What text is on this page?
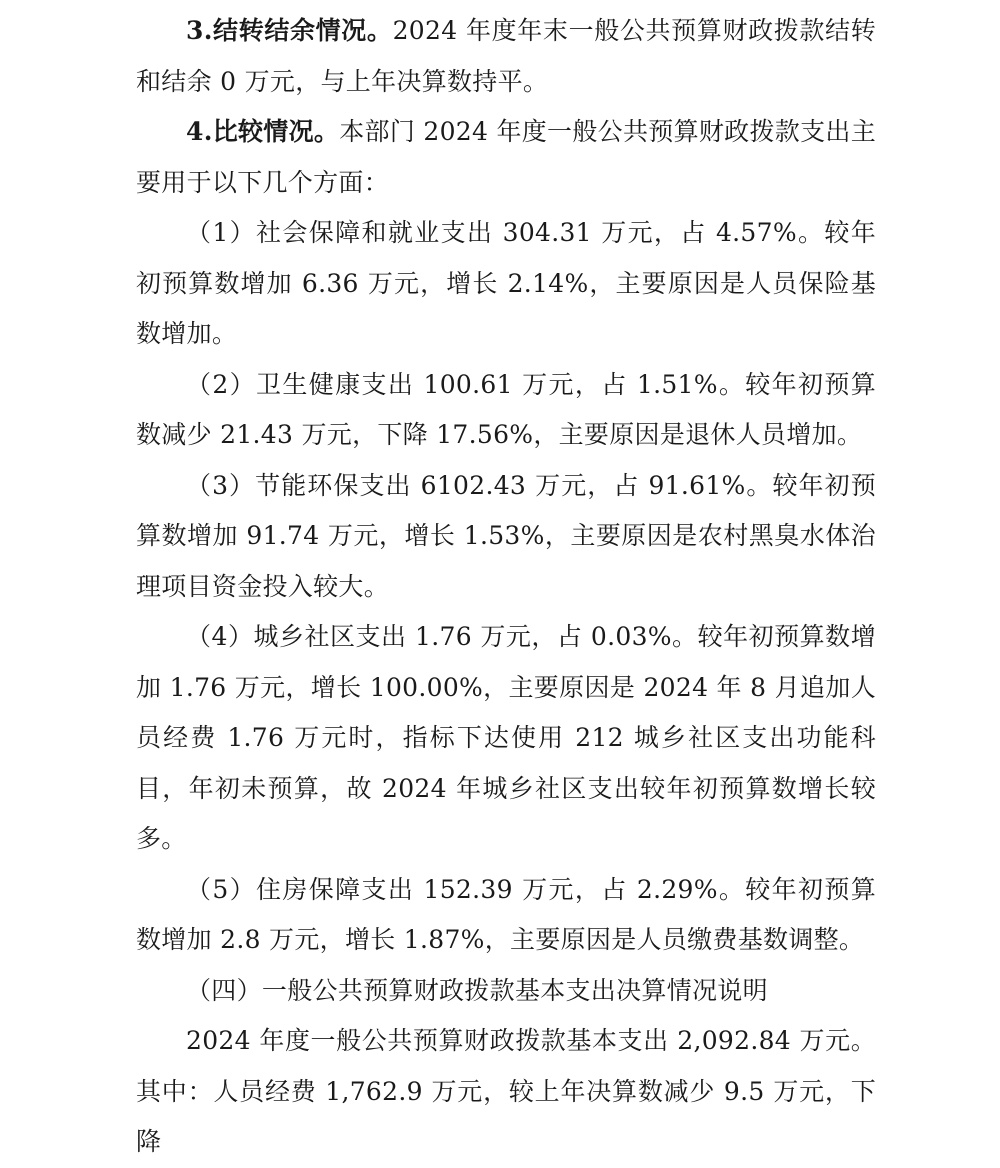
3.结转结余情况。2024 年度年末一般公共预算财政拨款结转和结余 0 万元，与上年决算数持平。

4.比较情况。本部门 2024 年度一般公共预算财政拨款支出主要用于以下几个方面：

（1）社会保障和就业支出 304.31 万元，占 4.57%。较年初预算数增加 6.36 万元，增长 2.14%，主要原因是人员保险基数增加。

（2）卫生健康支出 100.61 万元，占 1.51%。较年初预算数减少 21.43 万元，下降 17.56%，主要原因是退休人员增加。

（3）节能环保支出 6102.43 万元，占 91.61%。较年初预算数增加 91.74 万元，增长 1.53%，主要原因是农村黑臭水体治理项目资金投入较大。

（4）城乡社区支出 1.76 万元，占 0.03%。较年初预算数增加 1.76 万元，增长 100.00%，主要原因是 2024 年 8 月追加人员经费 1.76 万元时，指标下达使用 212 城乡社区支出功能科目，年初未预算，故 2024 年城乡社区支出较年初预算数增长较多。

（5）住房保障支出 152.39 万元，占 2.29%。较年初预算数增加 2.8 万元，增长 1.87%，主要原因是人员缴费基数调整。

（四）一般公共预算财政拨款基本支出决算情况说明

2024 年度一般公共预算财政拨款基本支出 2,092.84 万元。其中：人员经费 1,762.9 万元，较上年决算数减少 9.5 万元，下降
